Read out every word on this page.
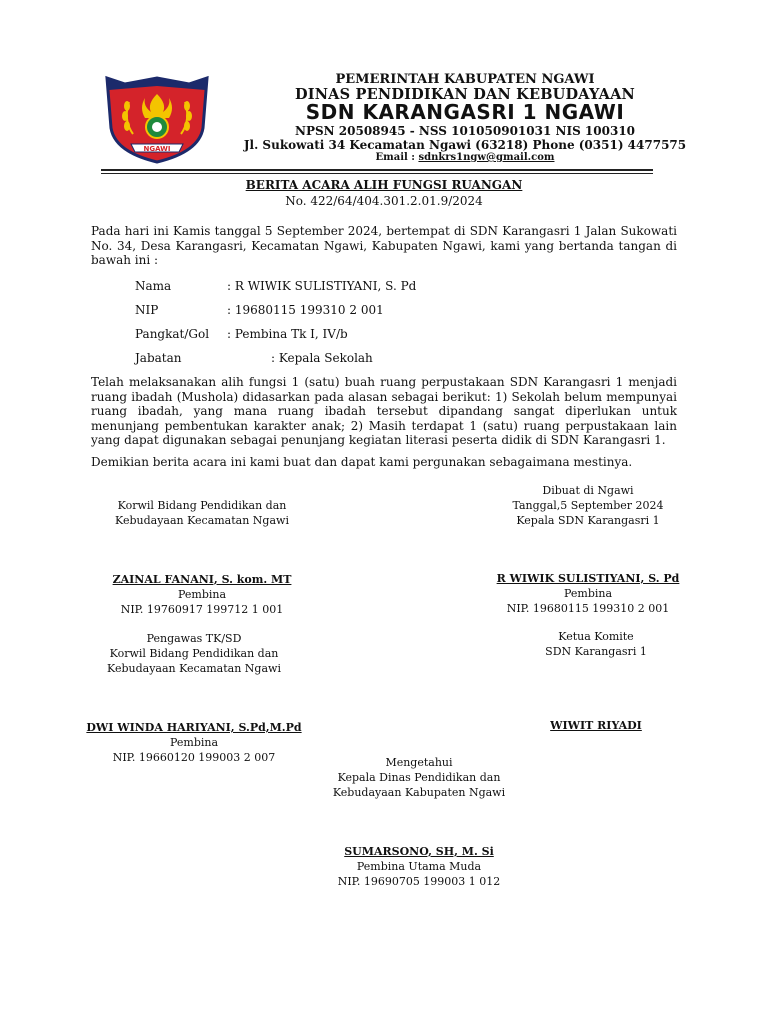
NGAWI
PEMERINTAH KABUPATEN NGAWI
DINAS PENDIDIKAN DAN KEBUDAYAAN
SDN KARANGASRI 1 NGAWI
NPSN 20508945 - NSS 101050901031 NIS 100310
Jl. Sukowati 34 Kecamatan Ngawi (63218) Phone (0351) 4477575
Email : sdnkrs1ngw@gmail.com
BERITA ACARA ALIH FUNGSI RUANGAN
No. 422/64/404.301.2.01.9/2024
Pada hari ini Kamis tanggal 5 September 2024, bertempat di SDN Karangasri 1 Jalan Sukowati No. 34, Desa Karangasri, Kecamatan Ngawi, Kabupaten Ngawi, kami yang bertanda tangan di bawah ini :
Nama	: R WIWIK SULISTIYANI, S. Pd
NIP	: 19680115 199310 2 001
Pangkat/Gol : Pembina Tk I, IV/b
Jabatan	: Kepala Sekolah
Telah melaksanakan alih fungsi 1 (satu) buah ruang perpustakaan SDN Karangasri 1 menjadi ruang ibadah (Mushola) didasarkan pada alasan sebagai berikut: 1) Sekolah belum mempunyai ruang ibadah, yang mana ruang ibadah tersebut dipandang sangat diperlukan untuk menunjang pembentukan karakter anak; 2) Masih terdapat 1 (satu) ruang perpustakaan lain yang dapat digunakan sebagai penunjang kegiatan literasi peserta didik di SDN Karangasri 1.
Demikian berita acara ini kami buat dan dapat kami pergunakan sebagaimana mestinya.
Korwil Bidang Pendidikan dan
Kebudayaan Kecamatan Ngawi
ZAINAL FANANI, S. kom. MT
Pembina
NIP. 19760917 199712 1 001
Dibuat di Ngawi
Tanggal,5 September 2024
Kepala SDN Karangasri 1
R WIWIK SULISTIYANI, S. Pd
Pembina
NIP. 19680115 199310 2 001
Pengawas TK/SD
Korwil Bidang Pendidikan dan
Kebudayaan Kecamatan Ngawi
DWI WINDA HARIYANI, S.Pd,M.Pd
Pembina
NIP. 19660120 199003 2 007
Ketua Komite
SDN Karangasri 1
WIWIT RIYADI
Mengetahui
Kepala Dinas Pendidikan dan
Kebudayaan Kabupaten Ngawi
SUMARSONO, SH, M. Si
Pembina Utama Muda
NIP. 19690705 199003 1 012
